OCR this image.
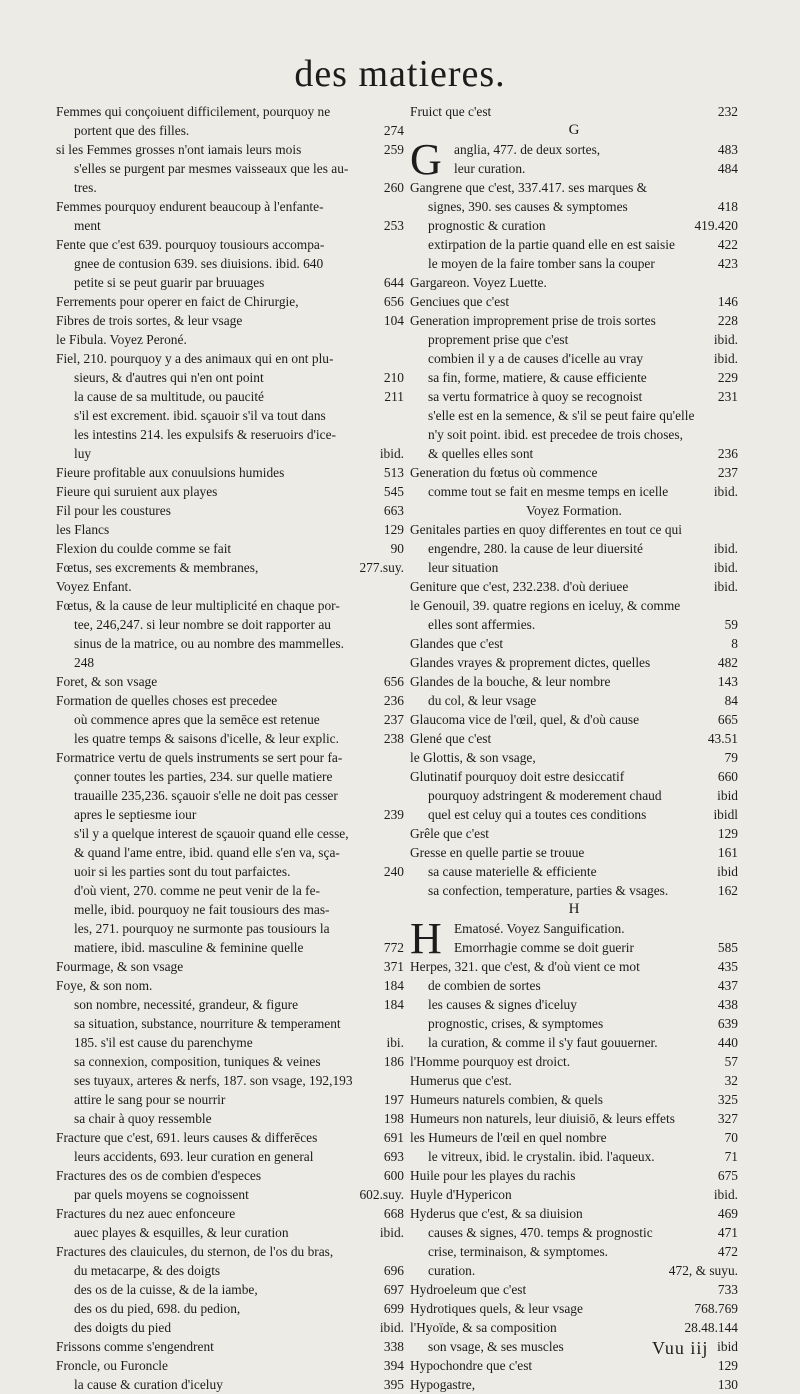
des matieres.
Femmes qui conçoiuent difficilement, pourquoy ne
portent que des filles.	274
si les Femmes grosses n'ont iamais leurs mois	259
s'elles se purgent par mesmes vaisseaux que les au-
tres.	260
Femmes pourquoy endurent beaucoup à l'enfante-
ment	253
Fente que c'est 639. pourquoy tousiours accompa-
gnee de contusion 639. ses diuisions. ibid. 640
petite si se peut guarir par bruuages	644
Ferrements pour operer en faict de Chirurgie,	656
Fibres de trois sortes, & leur vsage	104
le Fibula. Voyez Peroné.
Fiel, 210. pourquoy y a des animaux qui en ont plu-
sieurs, & d'autres qui n'en ont point	210
la cause de sa multitude, ou paucité	211
s'il est excrement. ibid. sçauoir s'il va tout dans
les intestins 214. les expulsifs & reseruoirs d'ice-
luy	ibid.
Fieure profitable aux conuulsions humides	513
Fieure qui suruient aux playes	545
Fil pour les coustures	663
les Flancs	129
Flexion du coulde comme se fait	90
Fœtus, ses excrements & membranes,	277.suy.
Voyez Enfant.
Fœtus, & la cause de leur multiplicité en chaque por-
tee, 246,247. si leur nombre se doit rapporter au
sinus de la matrice, ou au nombre des mammelles.
248
Foret, & son vsage	656
Formation de quelles choses est precedee	236
où commence apres que la semēce est retenue	237
les quatre temps & saisons d'icelle, & leur explic.	238
Formatrice vertu de quels instruments se sert pour fa-
çonner toutes les parties, 234. sur quelle matiere
trauaille 235,236. sçauoir s'elle ne doit pas cesser
apres le septiesme iour	239
s'il y a quelque interest de sçauoir quand elle cesse,
& quand l'ame entre, ibid. quand elle s'en va, sça-
uoir si les parties sont du tout parfaictes.	240
d'où vient, 270. comme ne peut venir de la fe-
melle, ibid. pourquoy ne fait tousiours des mas-
les, 271. pourquoy ne surmonte pas tousiours la
matiere, ibid. masculine & feminine quelle	772
Fourmage, & son vsage	371
Foye, & son nom.	184
son nombre, necessité, grandeur, & figure	184
sa situation, substance, nourriture & temperament
185. s'il est cause du parenchyme	ibi.
sa connexion, composition, tuniques & veines	186
ses tuyaux, arteres & nerfs, 187. son vsage, 192,193
attire le sang pour se nourrir	197
sa chair à quoy ressemble	198
Fracture que c'est, 691. leurs causes & differēces	691
leurs accidents, 693. leur curation en general	693
Fractures des os de combien d'especes	600
par quels moyens se cognoissent	602.suy.
Fractures du nez auec enfonceure	668
auec playes & esquilles, & leur curation	ibid.
Fractures des clauicules, du sternon, de l'os du bras,
du metacarpe, & des doigts	696
des os de la cuisse, & de la iambe,	697
des os du pied, 698. du pedion,	699
des doigts du pied	ibid.
Frissons comme s'engendrent	338
Froncle, ou Furoncle	394
la cause & curation d'iceluy	395
Fruict que c'est	232
G
G anglia, 477. de deux sortes,	483
leur curation.	484
Gangrene que c'est, 337.417. ses marques &
signes, 390. ses causes & symptomes	418
prognostic & curation	419.420
extirpation de la partie quand elle en est saisie	422
le moyen de la faire tomber sans la couper	423
Gargareon. Voyez Luette.
Genciues que c'est	146
Generation improprement prise de trois sortes	228
proprement prise que c'est	ibid.
combien il y a de causes d'icelle au vray	ibid.
sa fin, forme, matiere, & cause efficiente	229
sa vertu formatrice à quoy se recognoist	231
s'elle est en la semence, & s'il se peut faire qu'elle
n'y soit point. ibid. est precedee de trois choses,
& quelles elles sont	236
Generation du fœtus où commence	237
comme tout se fait en mesme temps en icelle	ibid.
Voyez Formation.
Genitales parties en quoy differentes en tout ce qui
engendre, 280. la cause de leur diuersité	ibid.
leur situation	ibid.
Geniture que c'est, 232.238. d'où deriuee	ibid.
le Genouil, 39. quatre regions en iceluy, & comme
elles sont affermies.	59
Glandes que c'est	8
Glandes vrayes & proprement dictes, quelles	482
Glandes de la bouche, & leur nombre	143
du col, & leur vsage	84
Glaucoma vice de l'œil, quel, & d'où cause	665
Glené que c'est	43.51
le Glottis, & son vsage,	79
Glutinatif pourquoy doit estre desiccatif	660
pourquoy adstringent & moderement chaud	ibid
quel est celuy qui a toutes ces conditions	ibidl
Grêle que c'est	129
Gresse en quelle partie se trouue	161
sa cause materielle & efficiente	ibid
sa confection, temperature, parties & vsages.	162
H
H Ematosé. Voyez Sanguification.
Emorrhagie comme se doit guerir	585
Herpes, 321. que c'est, & d'où vient ce mot	435
de combien de sortes	437
les causes & signes d'iceluy	438
prognostic, crises, & symptomes	639
la curation, & comme il s'y faut gouuerner.	440
l'Homme pourquoy est droict.	57
Humerus que c'est.	32
Humeurs naturels combien, & quels	325
Humeurs non naturels, leur diuisiō, & leurs effets	327
les Humeurs de l'œil en quel nombre	70
le vitreux, ibid. le crystalin. ibid. l'aqueux.	71
Huile pour les playes du rachis	675
Huyle d'Hypericon	ibid.
Hyderus que c'est, & sa diuision	469
causes & signes, 470. temps & prognostic	471
crise, terminaison, & symptomes.	472
curation.	472, & suyu.
Hydroeleum que c'est	733
Hydrotiques quels, & leur vsage	768.769
l'Hyoïde, & sa composition	28.48.144
son vsage, & ses muscles	ibid
Hypochondre que c'est	129
Hypogastre,	130
Vuu iij
